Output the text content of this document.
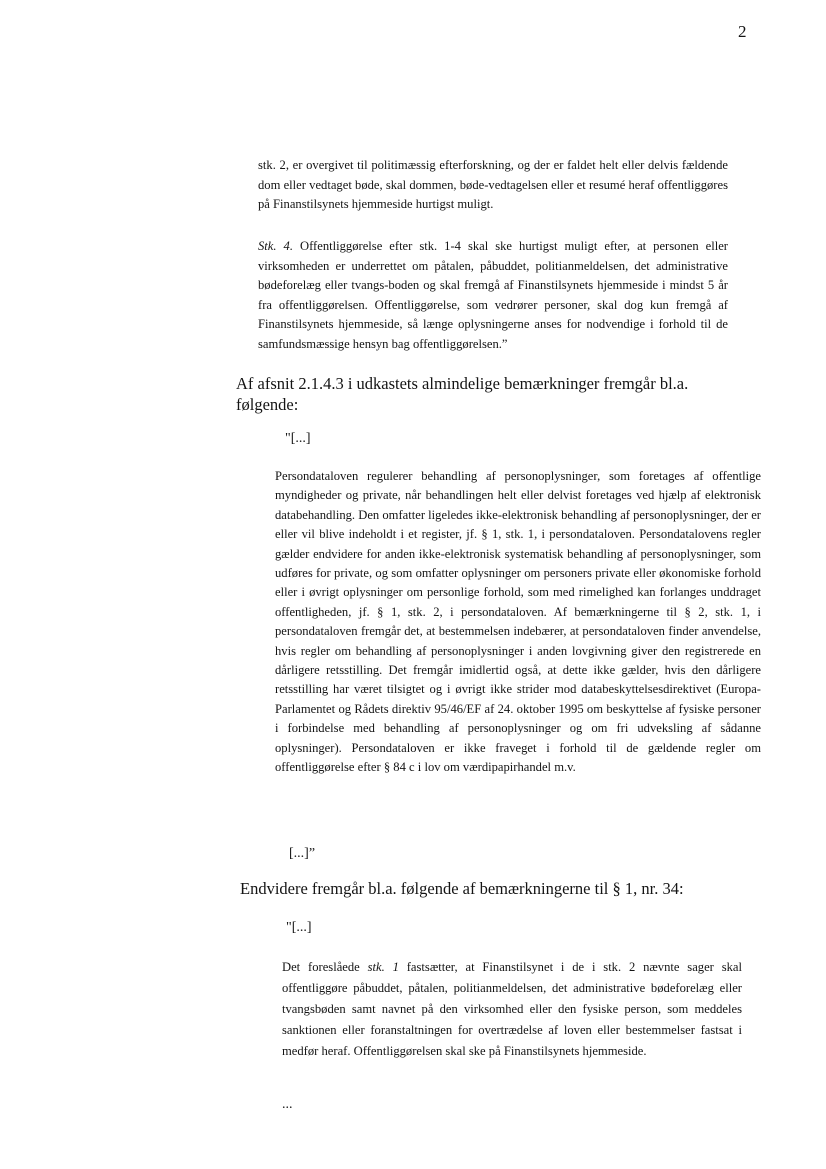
2

stk. 2, er overgivet til politimæssig efterforskning, og der er faldet helt eller delvis fældende dom eller vedtaget bøde, skal dommen, bøde-vedtagelsen eller et resumé heraf offentliggøres på Finanstilsynets hjemmeside hurtigst muligt.

Stk. 4. Offentliggørelse efter stk. 1-4 skal ske hurtigst muligt efter, at personen eller virksomheden er underrettet om påtalen, påbuddet, politianmeldelsen, det administrative bødeforelæg eller tvangs-boden og skal fremgå af Finanstilsynets hjemmeside i mindst 5 år fra offentliggørelsen. Offentliggørelse, som vedrører personer, skal dog kun fremgå af Finanstilsynets hjemmeside, så længe oplysningerne anses for nodvendige i forhold til de samfundsmæssige hensyn bag offentliggørelsen.”

Af afsnit 2.1.4.3 i udkastets almindelige bemærkninger fremgår bl.a. følgende:

"[...]

Persondataloven regulerer behandling af personoplysninger, som foretages af offentlige myndigheder og private, når behandlingen helt eller delvist foretages ved hjælp af elektronisk databehandling. Den omfatter ligeledes ikke-elektronisk behandling af personoplysninger, der er eller vil blive indeholdt i et register, jf. § 1, stk. 1, i persondataloven. Persondatalovens regler gælder endvidere for anden ikke-elektronisk systematisk behandling af personoplysninger, som udføres for private, og som omfatter oplysninger om personers private eller økonomiske forhold eller i øvrigt oplysninger om personlige forhold, som med rimelighed kan forlanges unddraget offentligheden, jf. § 1, stk. 2, i persondataloven. Af bemærkningerne til § 2, stk. 1, i persondataloven fremgår det, at bestemmelsen indebærer, at persondataloven finder anvendelse, hvis regler om behandling af personoplysninger i anden lovgivning giver den registrerede en dårligere retsstilling. Det fremgår imidlertid også, at dette ikke gælder, hvis den dårligere retsstilling har været tilsigtet og i øvrigt ikke strider mod databeskyttelsesdirektivet (Europa-Parlamentet og Rådets direktiv 95/46/EF af 24. oktober 1995 om beskyttelse af fysiske personer i forbindelse med behandling af personoplysninger og om fri udveksling af sådanne oplysninger). Persondataloven er ikke fraveget i forhold til de gældende regler om offentliggørelse efter § 84 c i lov om værdipapirhandel m.v.

[...]”

Endvidere fremgår bl.a. følgende af bemærkningerne til § 1, nr. 34:

"[...]

Det foreslåede stk. 1 fastsætter, at Finanstilsynet i de i stk. 2 nævnte sager skal offentliggøre påbuddet, påtalen, politianmeldelsen, det administrative bødeforelæg eller tvangsbøden samt navnet på den virksomhed eller den fysiske person, som meddeles sanktionen eller foranstaltningen for overtrædelse af loven eller bestemmelser fastsat i medfør heraf. Offentliggørelsen skal ske på Finanstilsynets hjemmeside.

...
